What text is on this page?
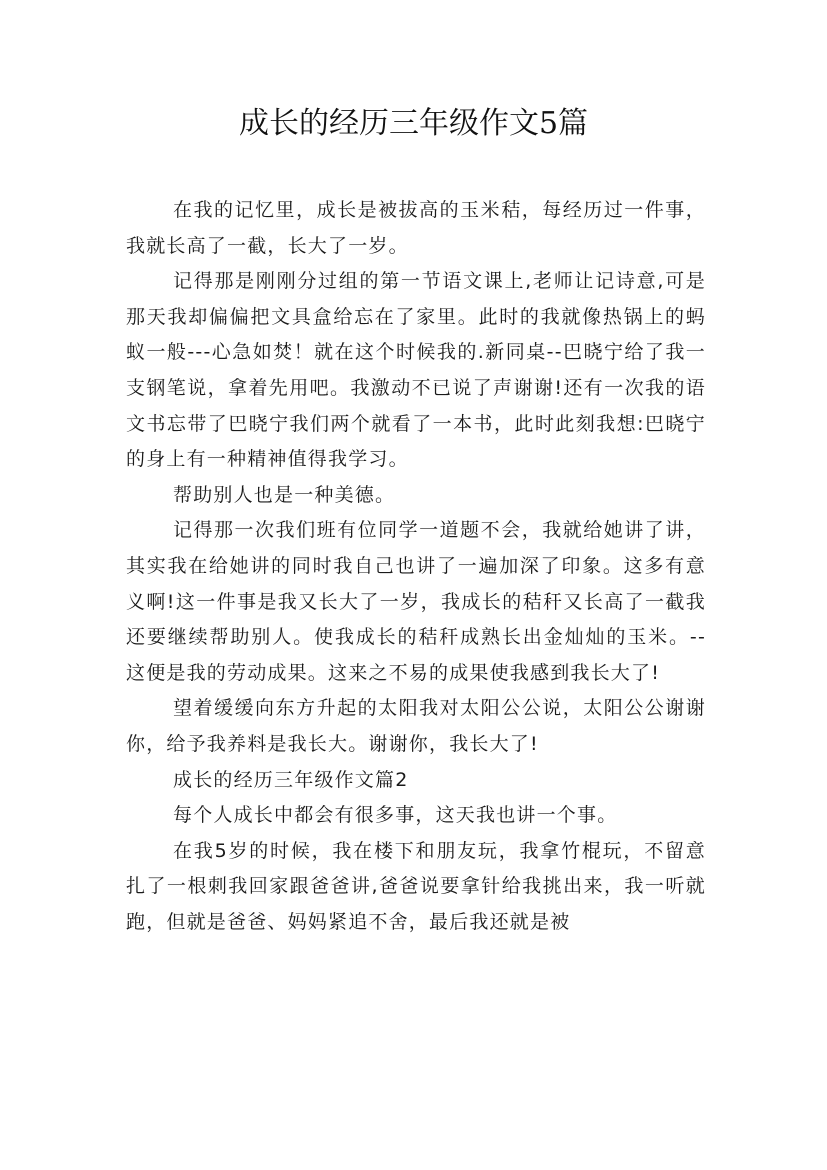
成长的经历三年级作文5篇

在我的记忆里，成长是被拔高的玉米秸，每经历过一件事，我就长高了一截，长大了一岁。

记得那是刚刚分过组的第一节语文课上,老师让记诗意,可是那天我却偏偏把文具盒给忘在了家里。此时的我就像热锅上的蚂蚁一般---心急如焚！就在这个时候我的.新同桌--巴晓宁给了我一支钢笔说，拿着先用吧。我激动不已说了声谢谢!还有一次我的语文书忘带了巴晓宁我们两个就看了一本书，此时此刻我想:巴晓宁的身上有一种精神值得我学习。

帮助别人也是一种美德。

记得那一次我们班有位同学一道题不会，我就给她讲了讲，其实我在给她讲的同时我自己也讲了一遍加深了印象。这多有意义啊!这一件事是我又长大了一岁，我成长的秸秆又长高了一截我还要继续帮助别人。使我成长的秸秆成熟长出金灿灿的玉米。--这便是我的劳动成果。这来之不易的成果使我感到我长大了!

望着缓缓向东方升起的太阳我对太阳公公说，太阳公公谢谢你，给予我养料是我长大。谢谢你，我长大了!

成长的经历三年级作文篇2

每个人成长中都会有很多事，这天我也讲一个事。

在我5岁的时候，我在楼下和朋友玩，我拿竹棍玩，不留意扎了一根刺我回家跟爸爸讲,爸爸说要拿针给我挑出来，我一听就跑，但就是爸爸、妈妈紧追不舍，最后我还就是被
